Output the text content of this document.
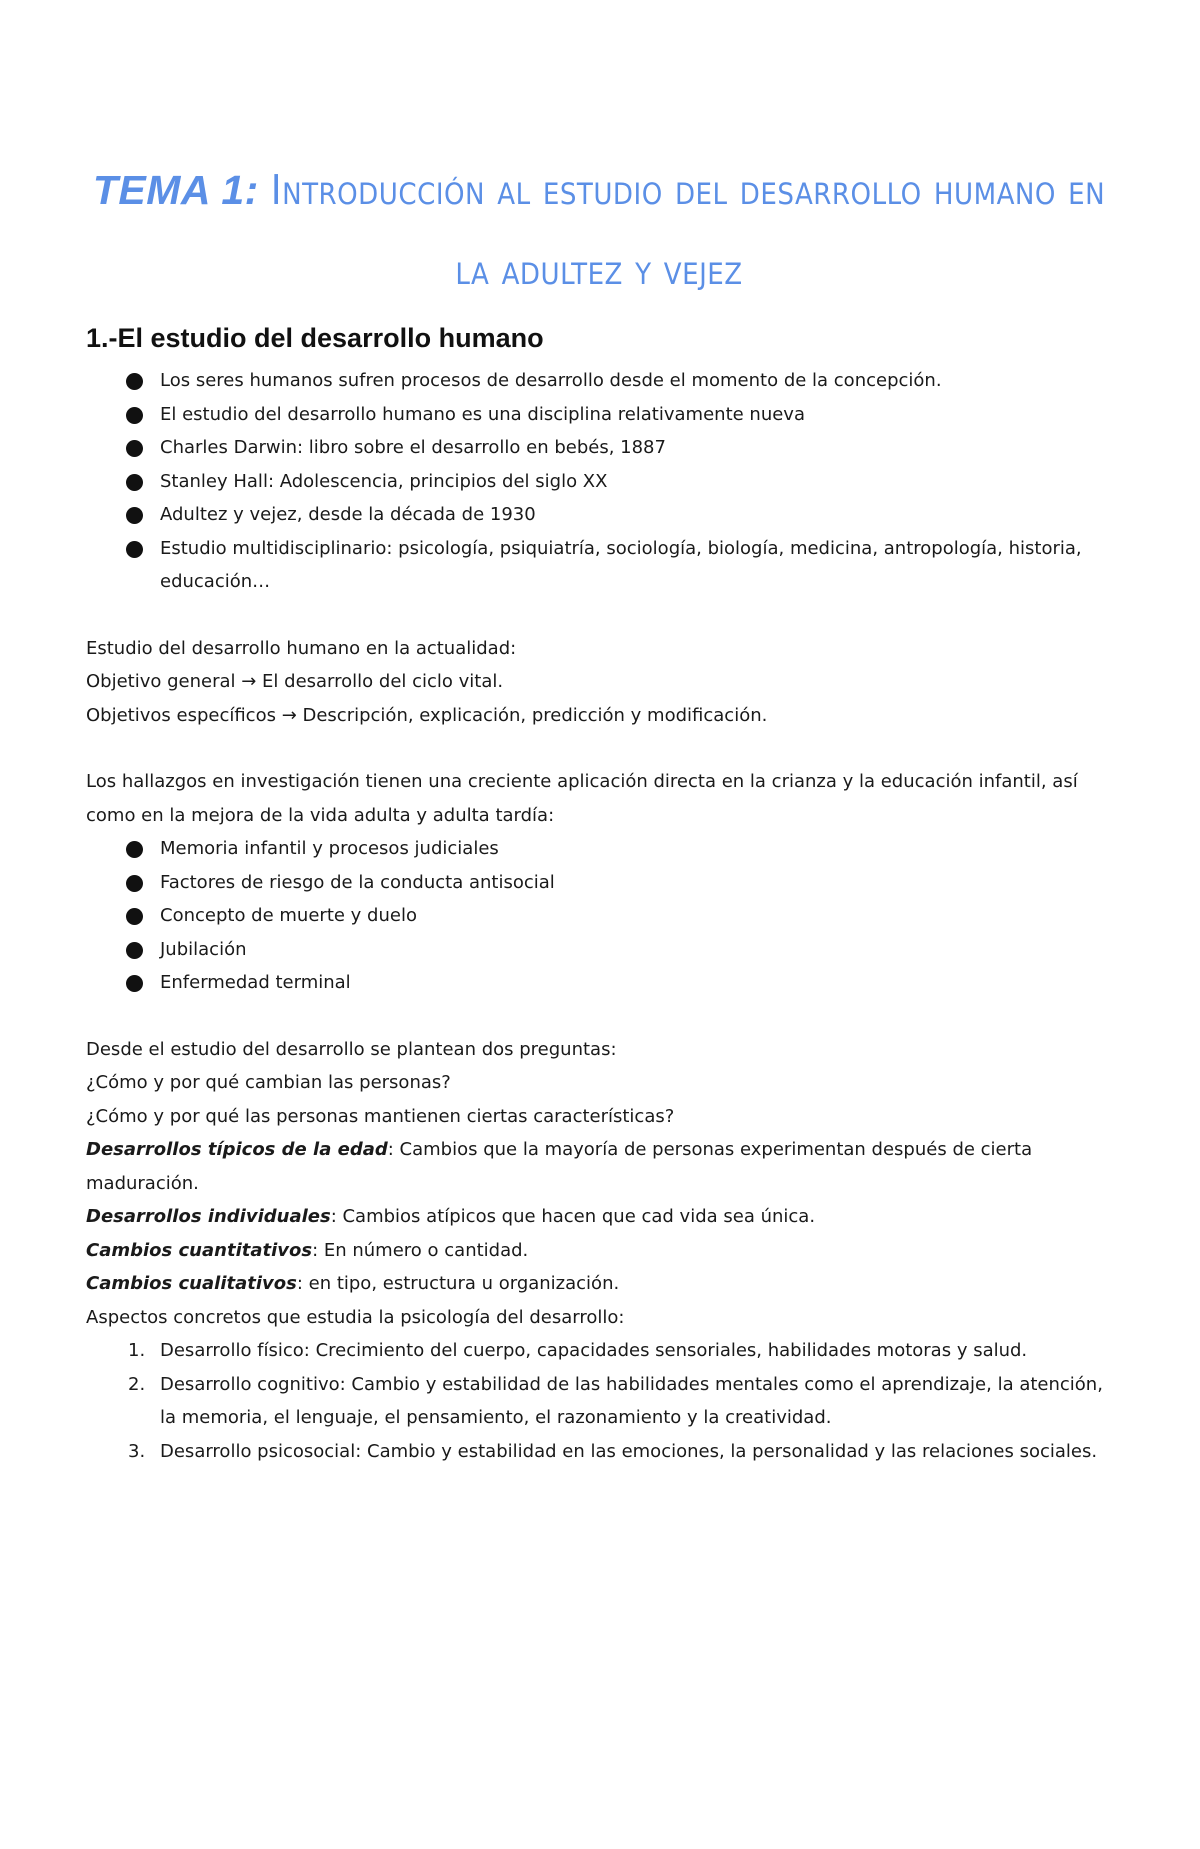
TEMA 1: Introducción al estudio del desarrollo humano en la adultez y vejez
1.-El estudio del desarrollo humano
Los seres humanos sufren procesos de desarrollo desde el momento de la concepción.
El estudio del desarrollo humano es una disciplina relativamente nueva
Charles Darwin: libro sobre el desarrollo en bebés, 1887
Stanley Hall: Adolescencia, principios del siglo XX
Adultez y vejez, desde la década de 1930
Estudio multidisciplinario: psicología, psiquiatría, sociología, biología, medicina, antropología, historia, educación…

Estudio del desarrollo humano en la actualidad:

Objetivo general → El desarrollo del ciclo vital.

Objetivos específicos → Descripción, explicación, predicción y modificación.

Los hallazgos en investigación tienen una creciente aplicación directa en la crianza y la educación infantil, así como en la mejora de la vida adulta y adulta tardía:

Memoria infantil y procesos judiciales
Factores de riesgo de la conducta antisocial
Concepto de muerte y duelo
Jubilación
Enfermedad terminal

Desde el estudio del desarrollo se plantean dos preguntas:

¿Cómo y por qué cambian las personas?

¿Cómo y por qué las personas mantienen ciertas características?

Desarrollos típicos de la edad: Cambios que la mayoría de personas experimentan después de cierta maduración.

Desarrollos individuales: Cambios atípicos que hacen que cad vida sea única.

Cambios cuantitativos: En número o cantidad.

Cambios cualitativos: en tipo, estructura u organización.

Aspectos concretos que estudia la psicología del desarrollo:

1. Desarrollo físico: Crecimiento del cuerpo, capacidades sensoriales, habilidades motoras y salud.
2. Desarrollo cognitivo: Cambio y estabilidad de las habilidades mentales como el aprendizaje, la atención, la memoria, el lenguaje, el pensamiento, el razonamiento y la creatividad.
3. Desarrollo psicosocial: Cambio y estabilidad en las emociones, la personalidad y las relaciones sociales.
